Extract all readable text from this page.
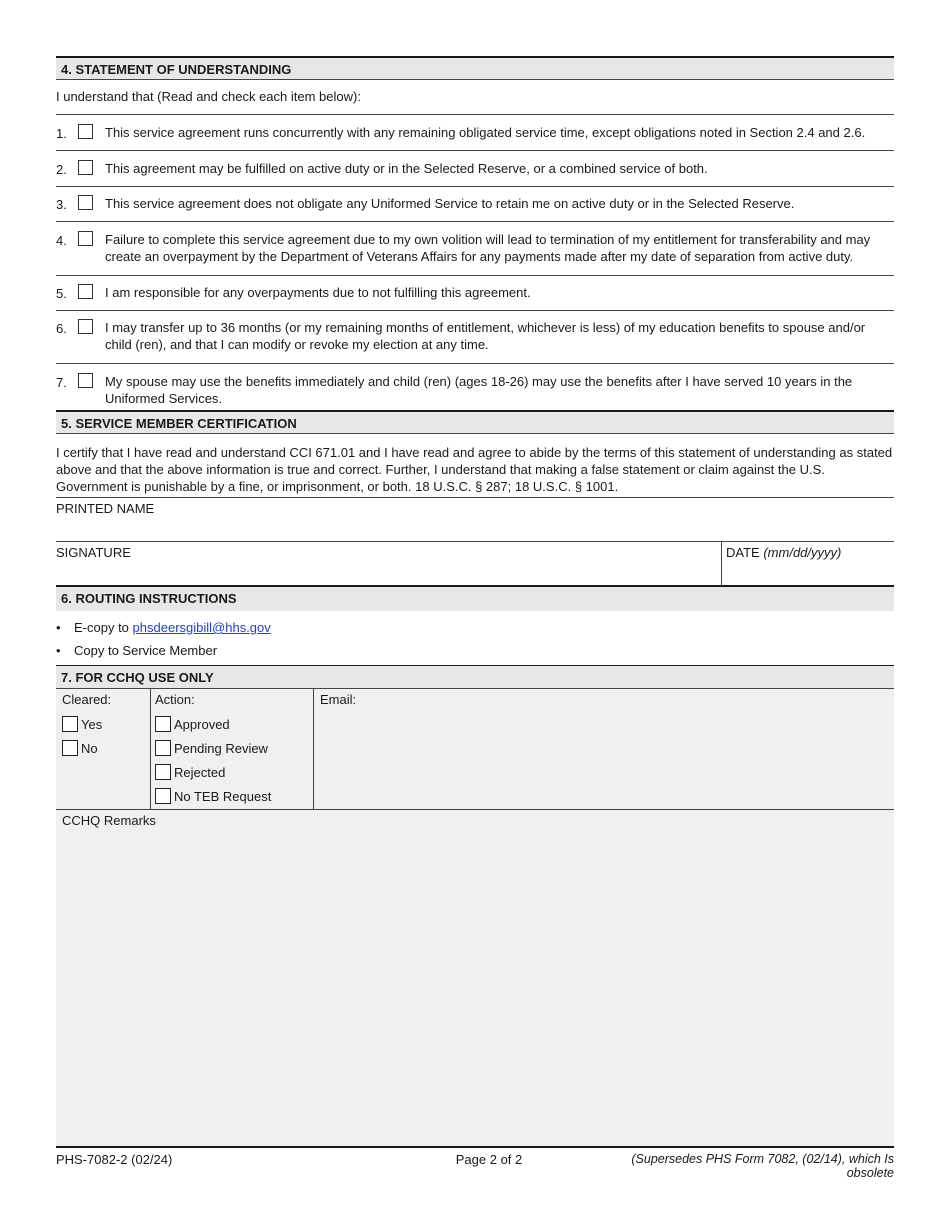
4. STATEMENT OF UNDERSTANDING
I understand that (Read and check each item below):
1.	This service agreement runs concurrently with any remaining obligated service time, except obligations noted in Section 2.4 and 2.6.
2.	This agreement may be fulfilled on active duty or in the Selected Reserve, or a combined service of both.
3.	This service agreement does not obligate any Uniformed Service to retain me on active duty or in the Selected Reserve.
4.	Failure to complete this service agreement due to my own volition will lead to termination of my entitlement for transferability and may create an overpayment by the Department of Veterans Affairs for any payments made after my date of separation from active duty.
5.	I am responsible for any overpayments due to not fulfilling this agreement.
6.	I may transfer up to 36 months (or my remaining months of entitlement, whichever is less) of my education benefits to spouse and/or child (ren), and that I can modify or revoke my election at any time.
7.	My spouse may use the benefits immediately and child (ren) (ages 18-26) may use the benefits after I have served 10 years in the Uniformed Services.
5. SERVICE MEMBER CERTIFICATION
I certify that I have read and understand CCI 671.01 and I have read and agree to abide by the terms of this statement of understanding as stated above and that the above information is true and correct. Further, I understand that making a false statement or claim against the U.S. Government is punishable by a fine, or imprisonment, or both. 18 U.S.C. § 287; 18 U.S.C. § 1001.
PRINTED NAME
SIGNATURE	DATE (mm/dd/yyyy)
6. ROUTING INSTRUCTIONS
•	E-copy to
phsdeersgibill@hhs.gov
•	Copy to Service Member
7. FOR CCHQ USE ONLY
Cleared:
Yes
No
Action:
Approved
Pending Review
Rejected
No TEB Request
Email:
CCHQ Remarks
PHS-7082-2 (02/24)	Page 2 of 2	(Supersedes PHS Form 7082, (02/14), which Is obsolete
